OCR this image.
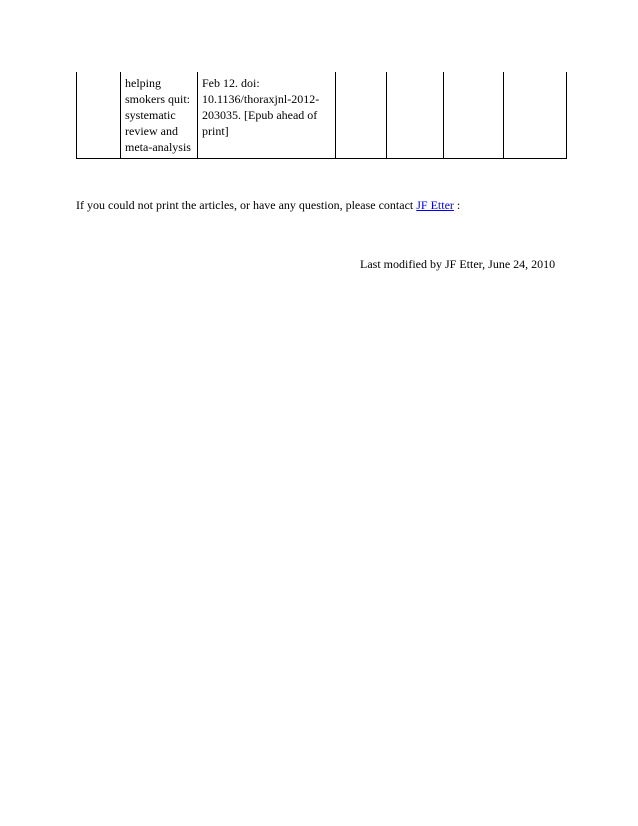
	helping smokers quit: systematic review and meta-analysis	Feb 12. doi: 10.1136/thoraxjnl-2012-203035. [Epub ahead of print]				
If you could not print the articles, or have any question, please contact JF Etter :
Last modified by JF Etter, June 24, 2010
